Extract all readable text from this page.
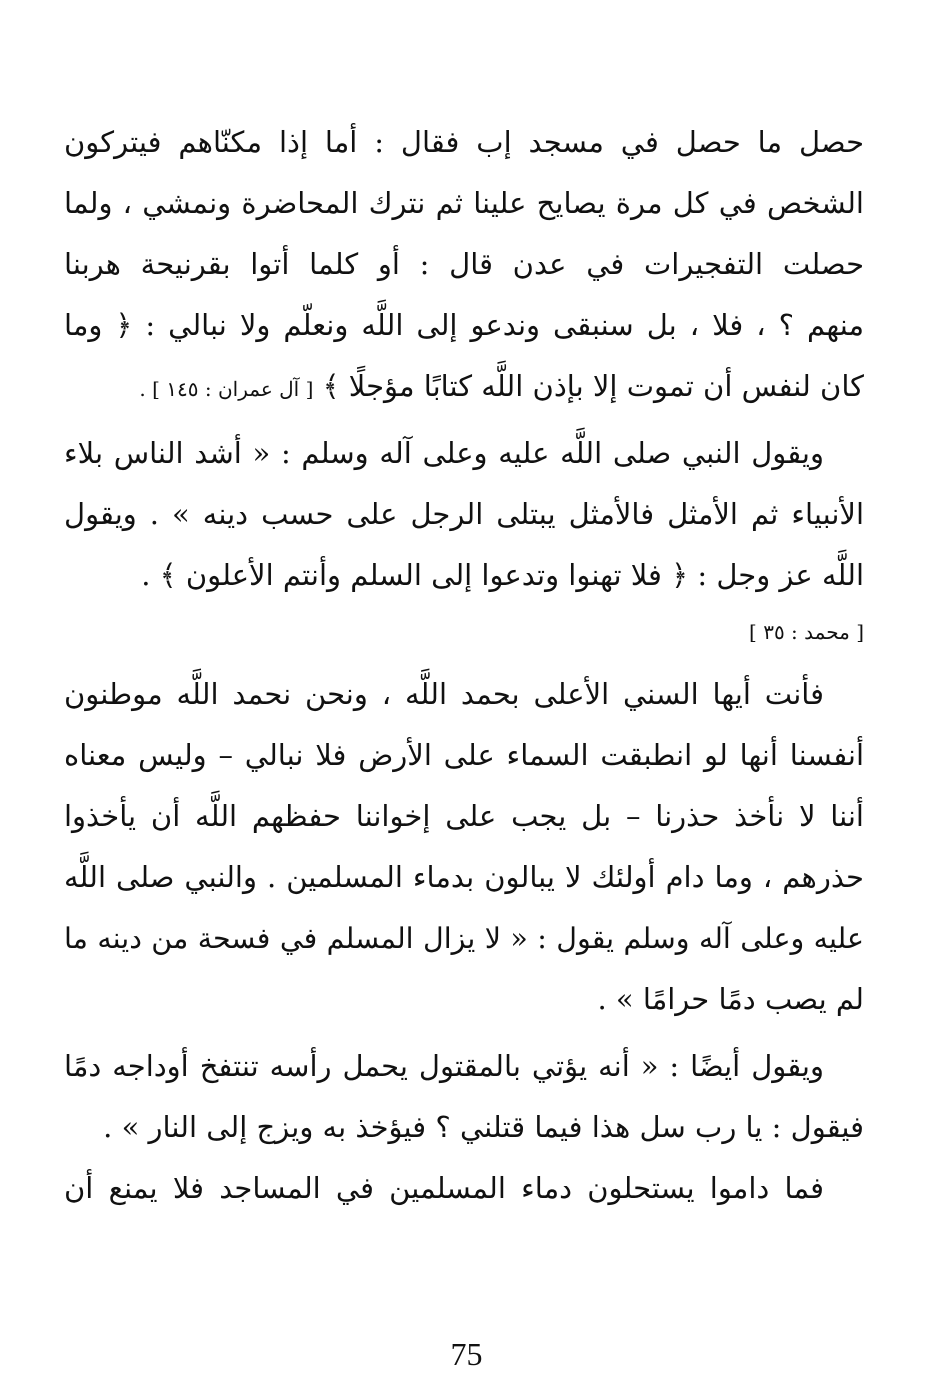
حصل ما حصل في مسجد إب فقال : أما إذا مكنّاهم فيتركون
الشخص في كل مرة يصايح علينا ثم نترك المحاضرة ونمشي ، ولما
حصلت التفجيرات في عدن قال : أو كلما أتوا بقرنيحة هربنا
منهم ؟ ، فلا ، بل سنبقى وندعو إلى اللَّه ونعلّم ولا نبالي : ﴿ وما
كان لنفس أن تموت إلا بإذن اللَّه كتابًا مؤجلًا ﴾ [ آل عمران : ١٤٥ ] .
ويقول النبي صلى اللَّه عليه وعلى آله وسلم : « أشد الناس بلاء
الأنبياء ثم الأمثل فالأمثل يبتلى الرجل على حسب دينه » . ويقول
اللَّه عز وجل : ﴿ فلا تهنوا وتدعوا إلى السلم وأنتم الأعلون ﴾ .
[ محمد : ٣٥ ]
فأنت أيها السني الأعلى بحمد اللَّه ، ونحن نحمد اللَّه موطنون
أنفسنا أنها لو انطبقت السماء على الأرض فلا نبالي – وليس معناه
أننا لا نأخذ حذرنا – بل يجب على إخواننا حفظهم اللَّه أن يأخذوا
حذرهم ، وما دام أولئك لا يبالون بدماء المسلمين . والنبي صلى اللَّه
عليه وعلى آله وسلم يقول : « لا يزال المسلم في فسحة من دينه ما
لم يصب دمًا حرامًا » .
ويقول أيضًا : « أنه يؤتي بالمقتول يحمل رأسه تنتفخ أوداجه دمًا
فيقول : يا رب سل هذا فيما قتلني ؟ فيؤخذ به ويزج إلى النار » .
فما داموا يستحلون دماء المسلمين في المساجد فلا يمنع أن
75
